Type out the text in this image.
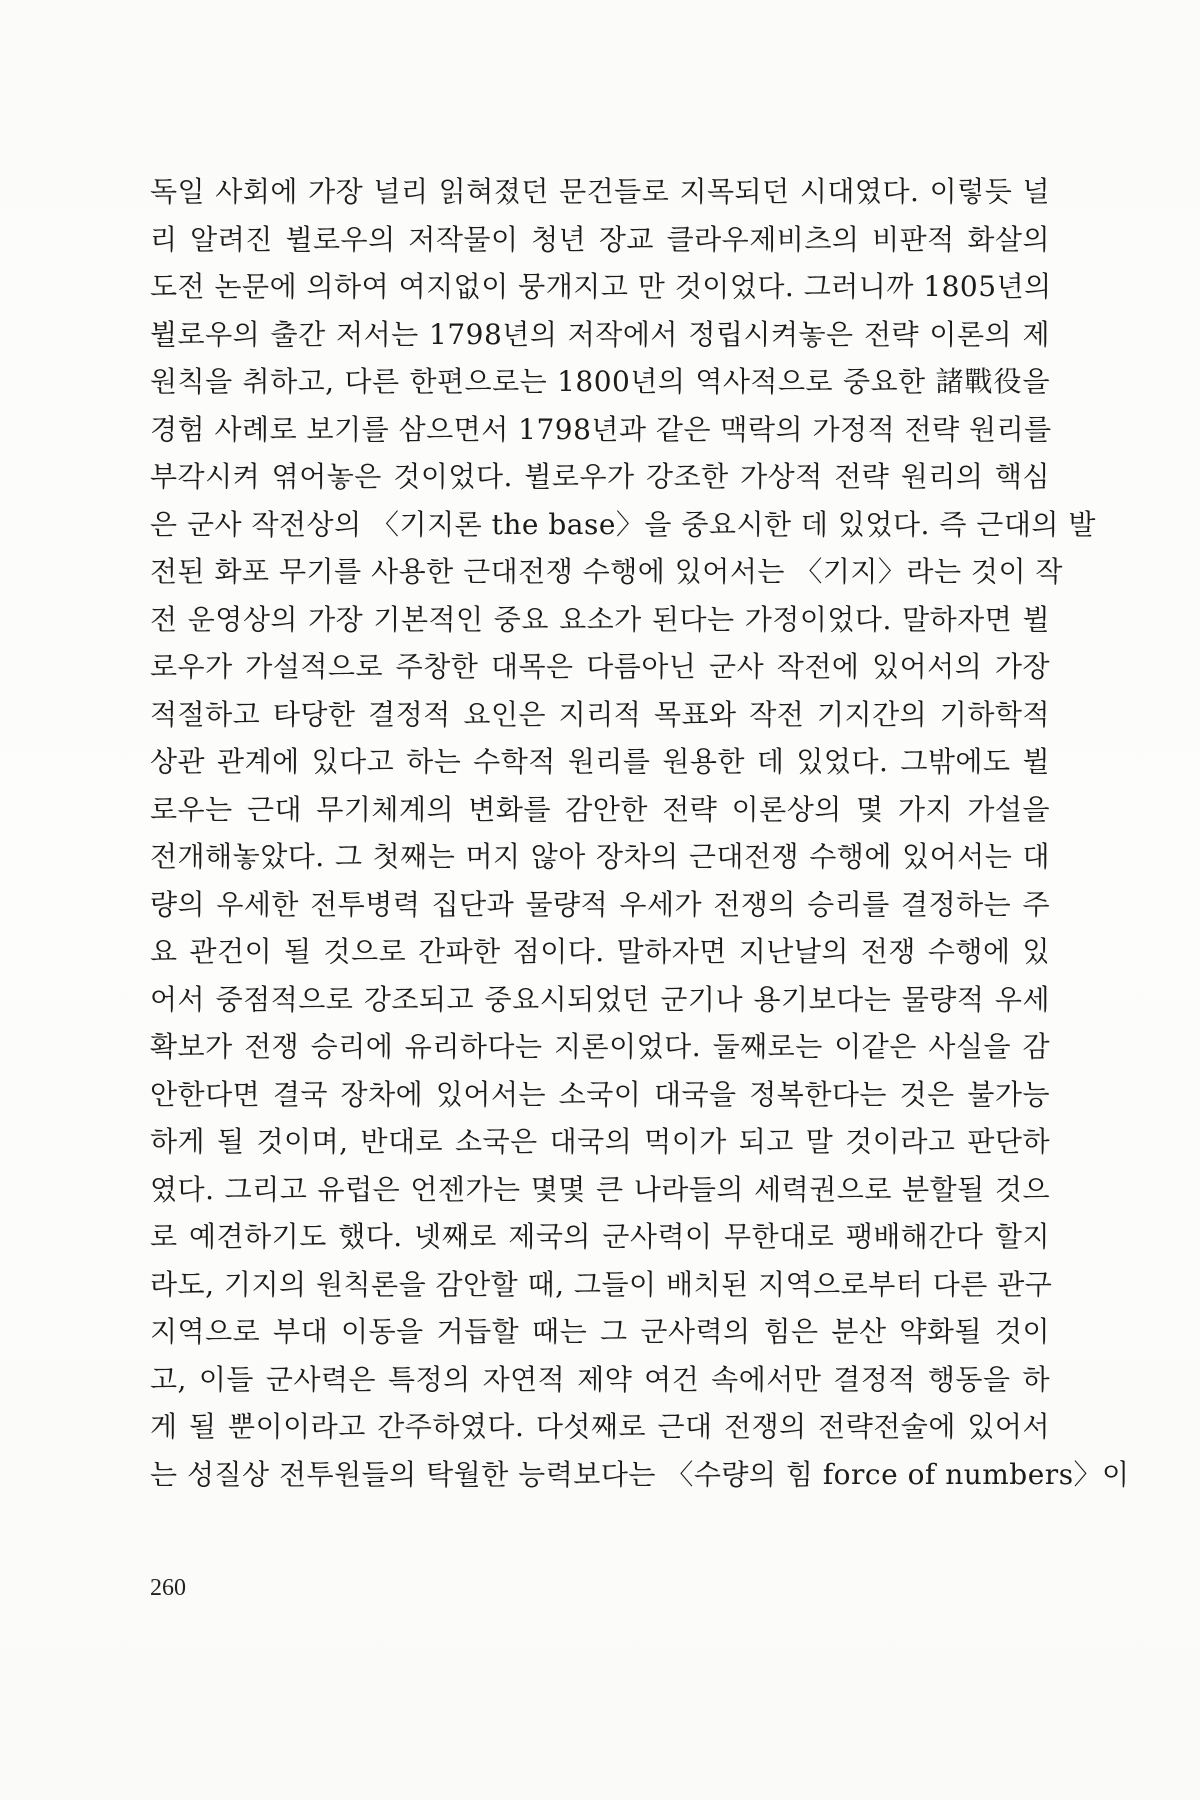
독일 사회에 가장 널리 읽혀졌던 문건들로 지목되던 시대였다. 이렇듯 널
리 알려진 뷜로우의 저작물이 청년 장교 클라우제비츠의 비판적 화살의
도전 논문에 의하여 여지없이 뭉개지고 만 것이었다. 그러니까 1805년의
뷜로우의 출간 저서는 1798년의 저작에서 정립시켜놓은 전략 이론의 제
원칙을 취하고, 다른 한편으로는 1800년의 역사적으로 중요한 諸戰役을
경험 사례로 보기를 삼으면서 1798년과 같은 맥락의 가정적 전략 원리를
부각시켜 엮어놓은 것이었다. 뷜로우가 강조한 가상적 전략 원리의 핵심
은 군사 작전상의 〈기지론 the base〉을 중요시한 데 있었다. 즉 근대의 발
전된 화포 무기를 사용한 근대전쟁 수행에 있어서는 〈기지〉라는 것이 작
전 운영상의 가장 기본적인 중요 요소가 된다는 가정이었다. 말하자면 뷜
로우가 가설적으로 주창한 대목은 다름아닌 군사 작전에 있어서의 가장
적절하고 타당한 결정적 요인은 지리적 목표와 작전 기지간의 기하학적
상관 관계에 있다고 하는 수학적 원리를 원용한 데 있었다. 그밖에도 뷜
로우는 근대 무기체계의 변화를 감안한 전략 이론상의 몇 가지 가설을
전개해놓았다. 그 첫째는 머지 않아 장차의 근대전쟁 수행에 있어서는 대
량의 우세한 전투병력 집단과 물량적 우세가 전쟁의 승리를 결정하는 주
요 관건이 될 것으로 간파한 점이다. 말하자면 지난날의 전쟁 수행에 있
어서 중점적으로 강조되고 중요시되었던 군기나 용기보다는 물량적 우세
확보가 전쟁 승리에 유리하다는 지론이었다. 둘째로는 이같은 사실을 감
안한다면 결국 장차에 있어서는 소국이 대국을 정복한다는 것은 불가능
하게 될 것이며, 반대로 소국은 대국의 먹이가 되고 말 것이라고 판단하
였다. 그리고 유럽은 언젠가는 몇몇 큰 나라들의 세력권으로 분할될 것으
로 예견하기도 했다. 넷째로 제국의 군사력이 무한대로 팽배해간다 할지
라도, 기지의 원칙론을 감안할 때, 그들이 배치된 지역으로부터 다른 관구
지역으로 부대 이동을 거듭할 때는 그 군사력의 힘은 분산 약화될 것이
고, 이들 군사력은 특정의 자연적 제약 여건 속에서만 결정적 행동을 하
게 될 뿐이이라고 간주하였다. 다섯째로 근대 전쟁의 전략전술에 있어서
는 성질상 전투원들의 탁월한 능력보다는 〈수량의 힘 force of numbers〉이
260
